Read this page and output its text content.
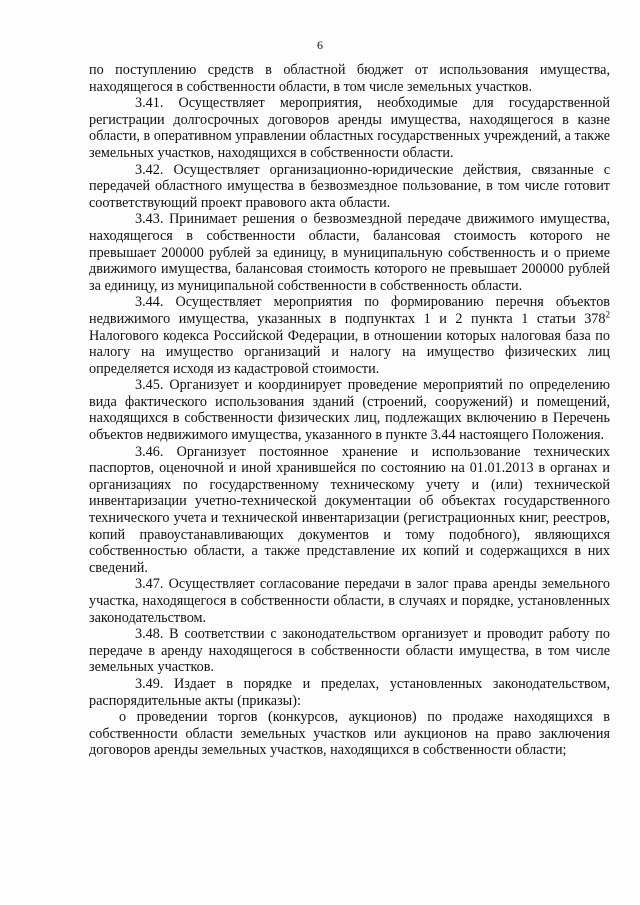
6

по поступлению средств в областной бюджет от использования имущества, находящегося в собственности области, в том числе земельных участков.

3.41. Осуществляет мероприятия, необходимые для государственной регистрации долгосрочных договоров аренды имущества, находящегося в казне области, в оперативном управлении областных государственных учреждений, а также земельных участков, находящихся в собственности области.

3.42. Осуществляет организационно-юридические действия, связанные с передачей областного имущества в безвозмездное пользование, в том числе готовит соответствующий проект правового акта области.

3.43. Принимает решения о безвозмездной передаче движимого имущества, находящегося в собственности области, балансовая стоимость которого не превышает 200000 рублей за единицу, в муниципальную собственность и о приеме движимого имущества, балансовая стоимость которого не превышает 200000 рублей за единицу, из муниципальной собственности в собственность области.

3.44. Осуществляет мероприятия по формированию перечня объектов недвижимого имущества, указанных в подпунктах 1 и 2 пункта 1 статьи $378^2$ Налогового кодекса Российской Федерации, в отношении которых налоговая база по налогу на имущество организаций и налогу на имущество физических лиц определяется исходя из кадастровой стоимости.

3.45. Организует и координирует проведение мероприятий по определению вида фактического использования зданий (строений, сооружений) и помещений, находящихся в собственности физических лиц, подлежащих включению в Перечень объектов недвижимого имущества, указанного в пункте 3.44 настоящего Положения.

3.46. Организует постоянное хранение и использование технических паспортов, оценочной и иной хранившейся по состоянию на 01.01.2013 в органах и организациях по государственному техническому учету и (или) технической инвентаризации учетно-технической документации об объектах государственного технического учета и технической инвентаризации (регистрационных книг, реестров, копий правоустанавливающих документов и тому подобного), являющихся собственностью области, а также представление их копий и содержащихся в них сведений.

3.47. Осуществляет согласование передачи в залог права аренды земельного участка, находящегося в собственности области, в случаях и порядке, установленных законодательством.

3.48. В соответствии с законодательством организует и проводит работу по передаче в аренду находящегося в собственности области имущества, в том числе земельных участков.

3.49. Издает в порядке и пределах, установленных законодательством, распорядительные акты (приказы):

о проведении торгов (конкурсов, аукционов) по продаже находящихся в собственности области земельных участков или аукционов на право заключения договоров аренды земельных участков, находящихся в собственности области;
